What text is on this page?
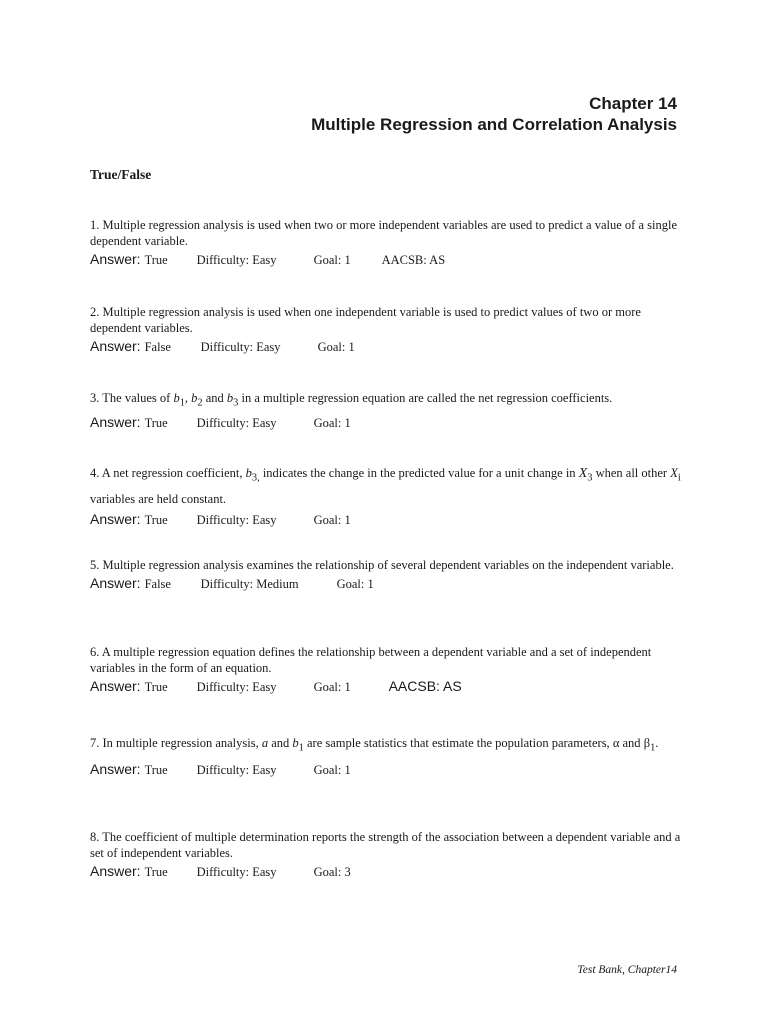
Chapter 14
Multiple Regression and Correlation Analysis
True/False
1. Multiple regression analysis is used when two or more independent variables are used to predict a value of a single dependent variable.
Answer: True Difficulty: Easy	Goal: 1 AACSB: AS
2. Multiple regression analysis is used when one independent variable is used to predict values of two or more dependent variables.
Answer: False Difficulty: Easy	Goal: 1
3. The values of $b_1$, $b_2$ and $b_3$ in a multiple regression equation are called the net regression coefficients.
Answer: True Difficulty: Easy	Goal: 1
4. A net regression coefficient, $b_{3,}$ indicates the change in the predicted value for a unit change in $X_3$ when all other $X_i$ variables are held constant.
Answer: True Difficulty: Easy	Goal: 1
5. Multiple regression analysis examines the relationship of several dependent variables on the independent variable.
Answer: False Difficulty: Medium	Goal: 1
6. A multiple regression equation defines the relationship between a dependent variable and a set of independent variables in the form of an equation.
Answer: True Difficulty: Easy	Goal: 1	AACSB: AS
7. In multiple regression analysis, a and $b_1$ are sample statistics that estimate the population parameters, α and $\beta_1$.
Answer: True Difficulty: Easy	Goal: 1
8. The coefficient of multiple determination reports the strength of the association between a dependent variable and a set of independent variables.
Answer: True Difficulty: Easy	Goal: 3
Test Bank, Chapter14
